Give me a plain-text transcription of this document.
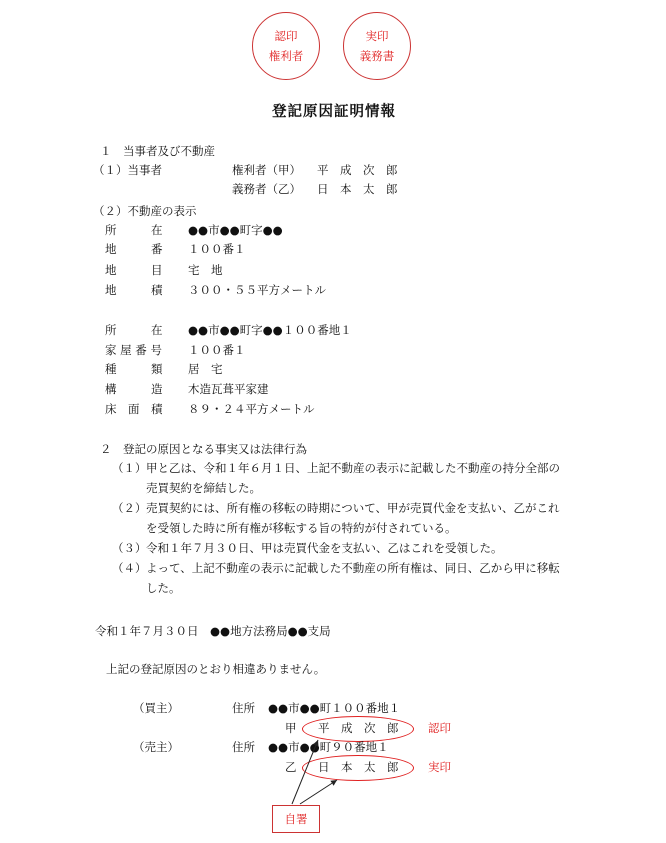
認印
権利者
実印
義務書
登記原因証明情報
１　当事者及び不動産
（１）当事者	権利者（甲） 平　成　次　郎
義務者（乙） 日　本　太　郎
（２）不動産の表示
所　　　在 ●●市●●町字●●
地　　　番 １００番１
地　　　目 宅　地
地　　　積 ３００・５５平方メートル
所　　　在 ●●市●●町字●●１００番地１
家 屋 番 号 １００番１
種　　　類 居　宅
構　　　造 木造瓦葺平家建
床　面　積 ８９・２４平方メートル
２　登記の原因となる事実又は法律行為
（１） 甲と乙は、令和１年６月１日、上記不動産の表示に記載した不動産の持分全部の
売買契約を締結した。
（２） 売買契約には、所有権の移転の時期について、甲が売買代金を支払い、乙がこれ
を受領した時に所有権が移転する旨の特約が付されている。
（３） 令和１年７月３０日、甲は売買代金を支払い、乙はこれを受領した。
（４） よって、上記不動産の表示に記載した不動産の所有権は、同日、乙から甲に移転
した。
令和１年７月３０日　●●地方法務局●●支局
上記の登記原因のとおり相違ありません。
（買主）	住所 ●●市●●町１００番地１
甲 平　成　次　郎	認印
（売主）	住所 ●●市●●町９０番地１
乙 日　本　太　郎	実印
自署
